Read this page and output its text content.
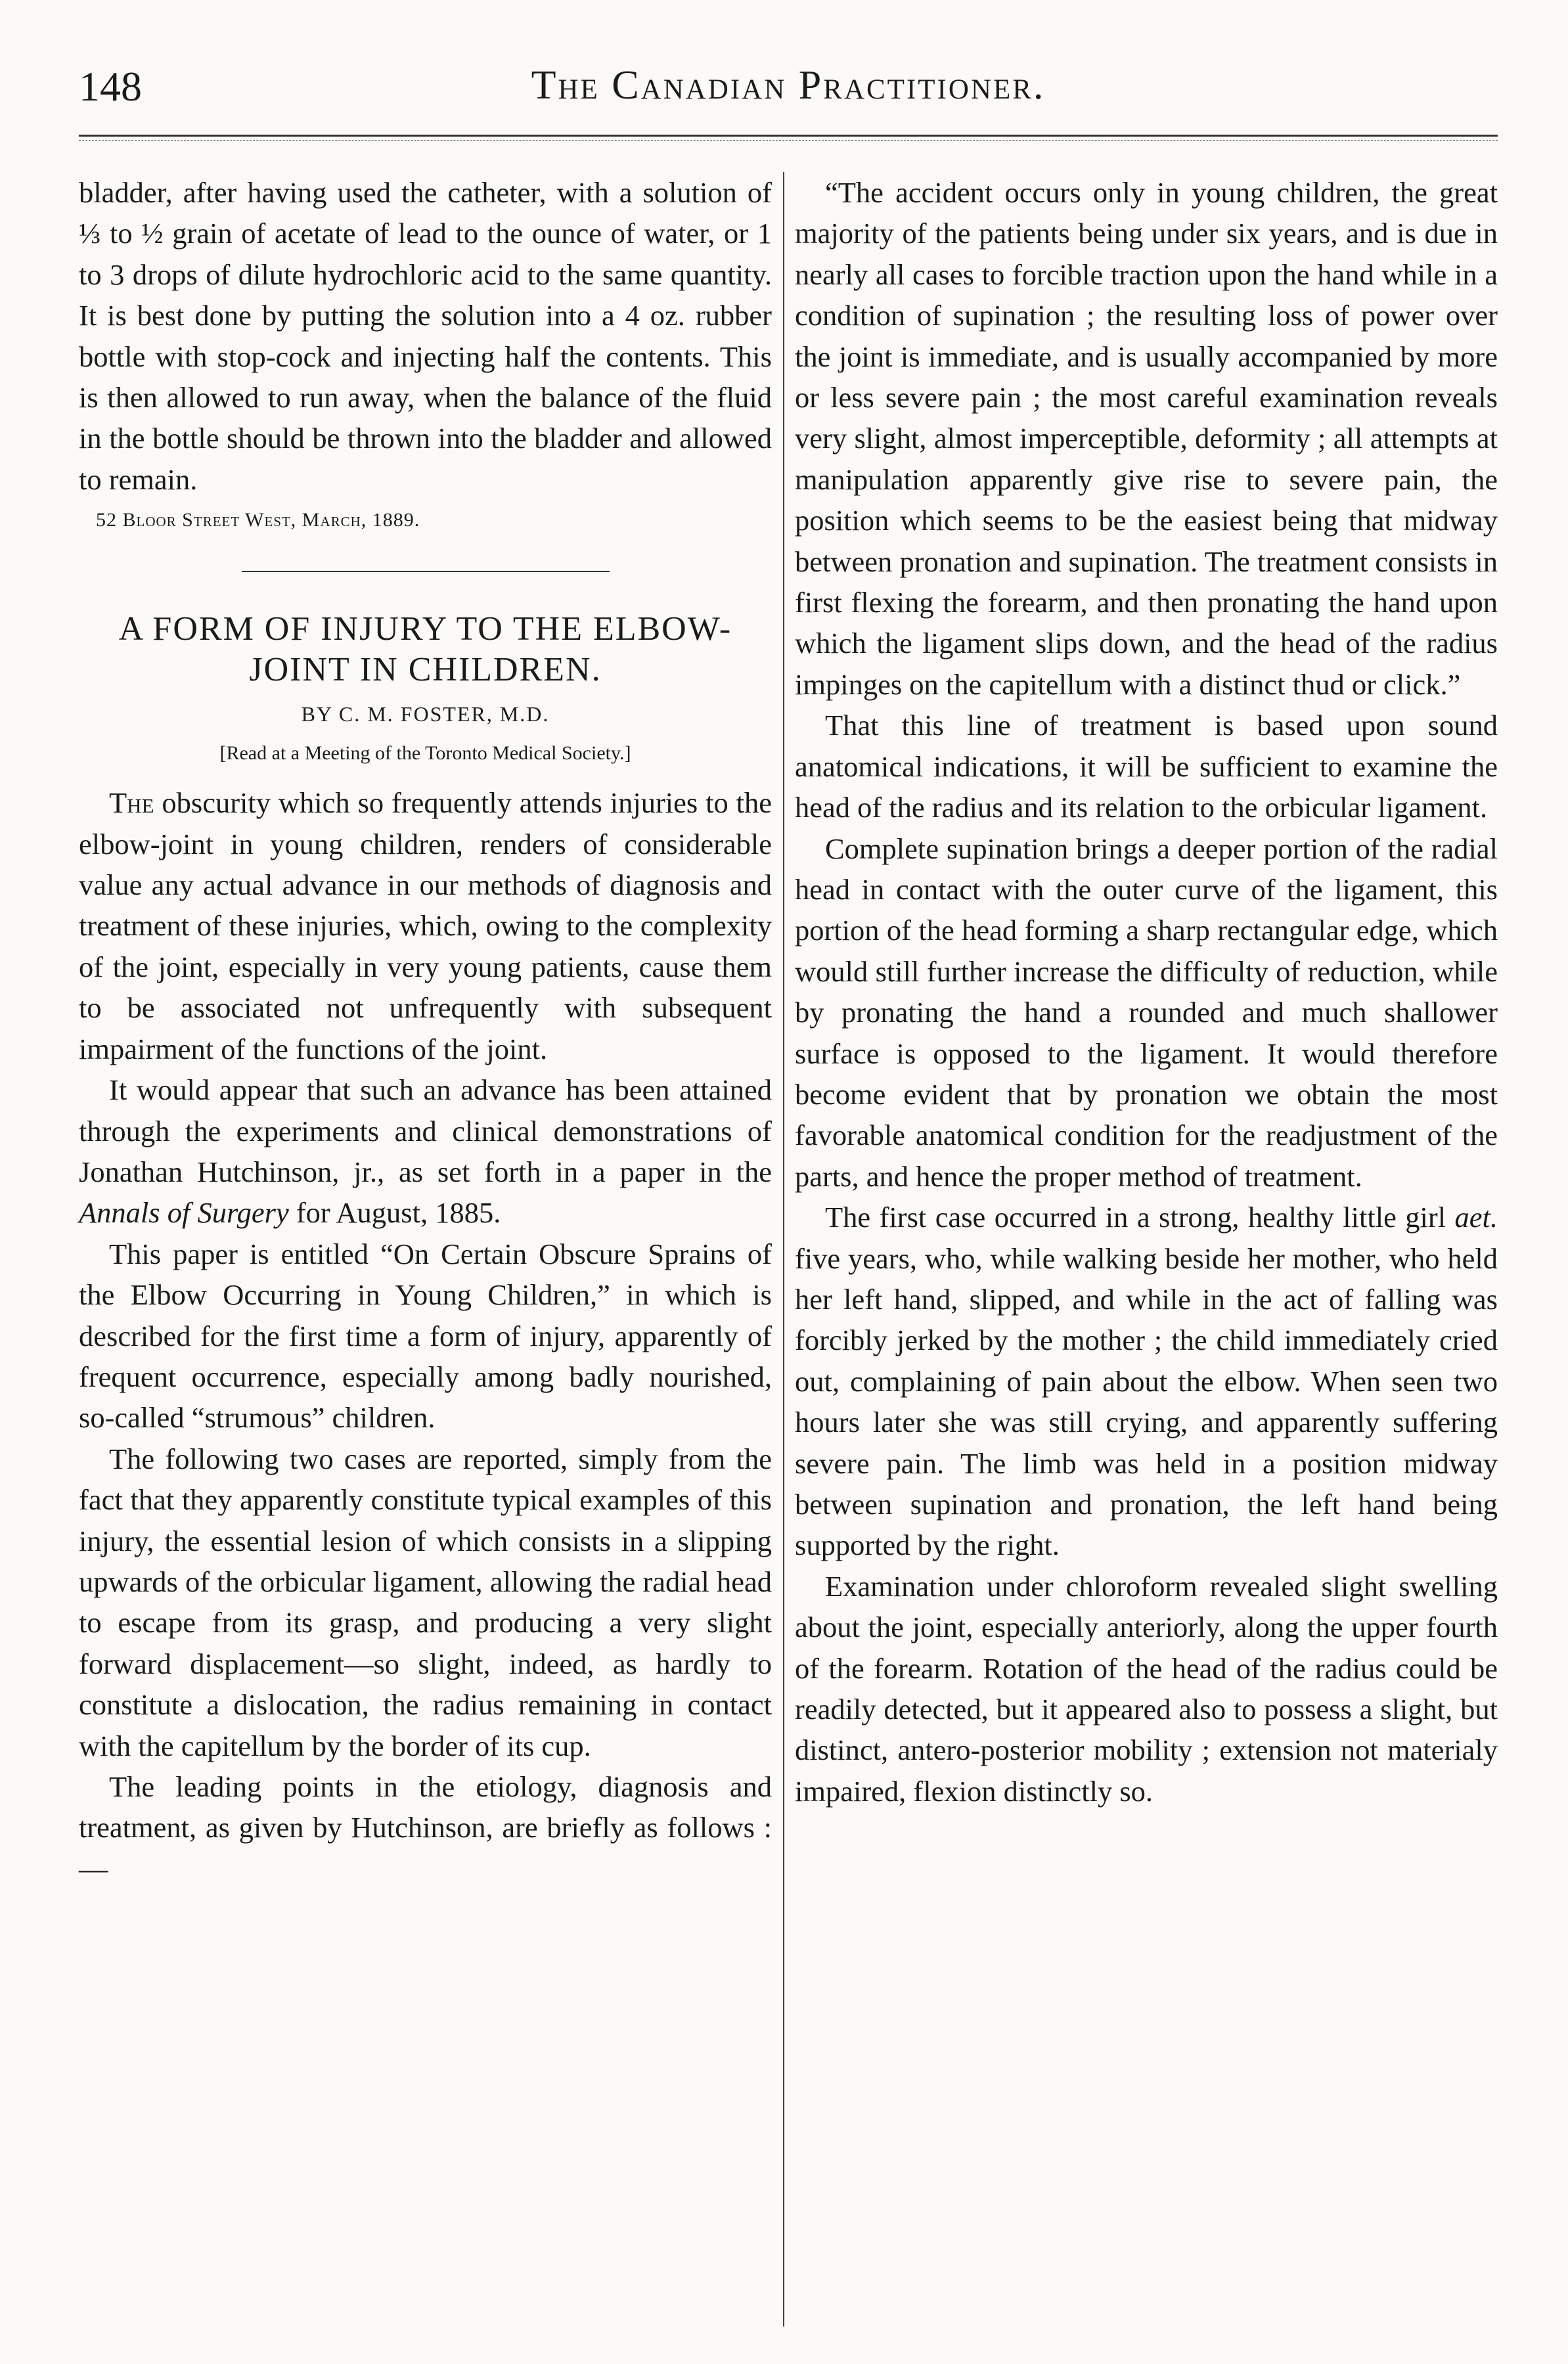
148	The Canadian Practitioner.

bladder, after having used the catheter, with a solution of ⅓ to ½ grain of acetate of lead to the ounce of water, or 1 to 3 drops of dilute hydrochloric acid to the same quantity. It is best done by putting the solution into a 4 oz. rubber bottle with stop-cock and injecting half the contents. This is then allowed to run away, when the balance of the fluid in the bottle should be thrown into the bladder and allowed to remain.

52 Bloor Street West, March, 1889.

A FORM OF INJURY TO THE ELBOW-JOINT IN CHILDREN.

BY C. M. FOSTER, M.D.

[Read at a Meeting of the Toronto Medical Society.]

The obscurity which so frequently attends injuries to the elbow-joint in young children, renders of considerable value any actual advance in our methods of diagnosis and treatment of these injuries, which, owing to the complexity of the joint, especially in very young patients, cause them to be associated not unfrequently with subsequent impairment of the functions of the joint.

It would appear that such an advance has been attained through the experiments and clinical demonstrations of Jonathan Hutchinson, jr., as set forth in a paper in the Annals of Surgery for August, 1885.

This paper is entitled “On Certain Obscure Sprains of the Elbow Occurring in Young Children,” in which is described for the first time a form of injury, apparently of frequent occurrence, especially among badly nourished, so-called “strumous” children.

The following two cases are reported, simply from the fact that they apparently constitute typical examples of this injury, the essential lesion of which consists in a slipping upwards of the orbicular ligament, allowing the radial head to escape from its grasp, and producing a very slight forward displacement—so slight, indeed, as hardly to constitute a dislocation, the radius remaining in contact with the capitellum by the border of its cup.

The leading points in the etiology, diagnosis and treatment, as given by Hutchinson, are briefly as follows :—

“The accident occurs only in young children, the great majority of the patients being under six years, and is due in nearly all cases to forcible traction upon the hand while in a condition of supination ; the resulting loss of power over the joint is immediate, and is usually accompanied by more or less severe pain ; the most careful examination reveals very slight, almost imperceptible, deformity ; all attempts at manipulation apparently give rise to severe pain, the position which seems to be the easiest being that midway between pronation and supination. The treatment consists in first flexing the forearm, and then pronating the hand upon which the ligament slips down, and the head of the radius impinges on the capitellum with a distinct thud or click.”

That this line of treatment is based upon sound anatomical indications, it will be sufficient to examine the head of the radius and its relation to the orbicular ligament.

Complete supination brings a deeper portion of the radial head in contact with the outer curve of the ligament, this portion of the head forming a sharp rectangular edge, which would still further increase the difficulty of reduction, while by pronating the hand a rounded and much shallower surface is opposed to the ligament. It would therefore become evident that by pronation we obtain the most favorable anatomical condition for the readjustment of the parts, and hence the proper method of treatment.

The first case occurred in a strong, healthy little girl aet. five years, who, while walking beside her mother, who held her left hand, slipped, and while in the act of falling was forcibly jerked by the mother ; the child immediately cried out, complaining of pain about the elbow. When seen two hours later she was still crying, and apparently suffering severe pain. The limb was held in a position midway between supination and pronation, the left hand being supported by the right.

Examination under chloroform revealed slight swelling about the joint, especially anteriorly, along the upper fourth of the forearm. Rotation of the head of the radius could be readily detected, but it appeared also to possess a slight, but distinct, antero-posterior mobility ; extension not materialy impaired, flexion distinctly so.
